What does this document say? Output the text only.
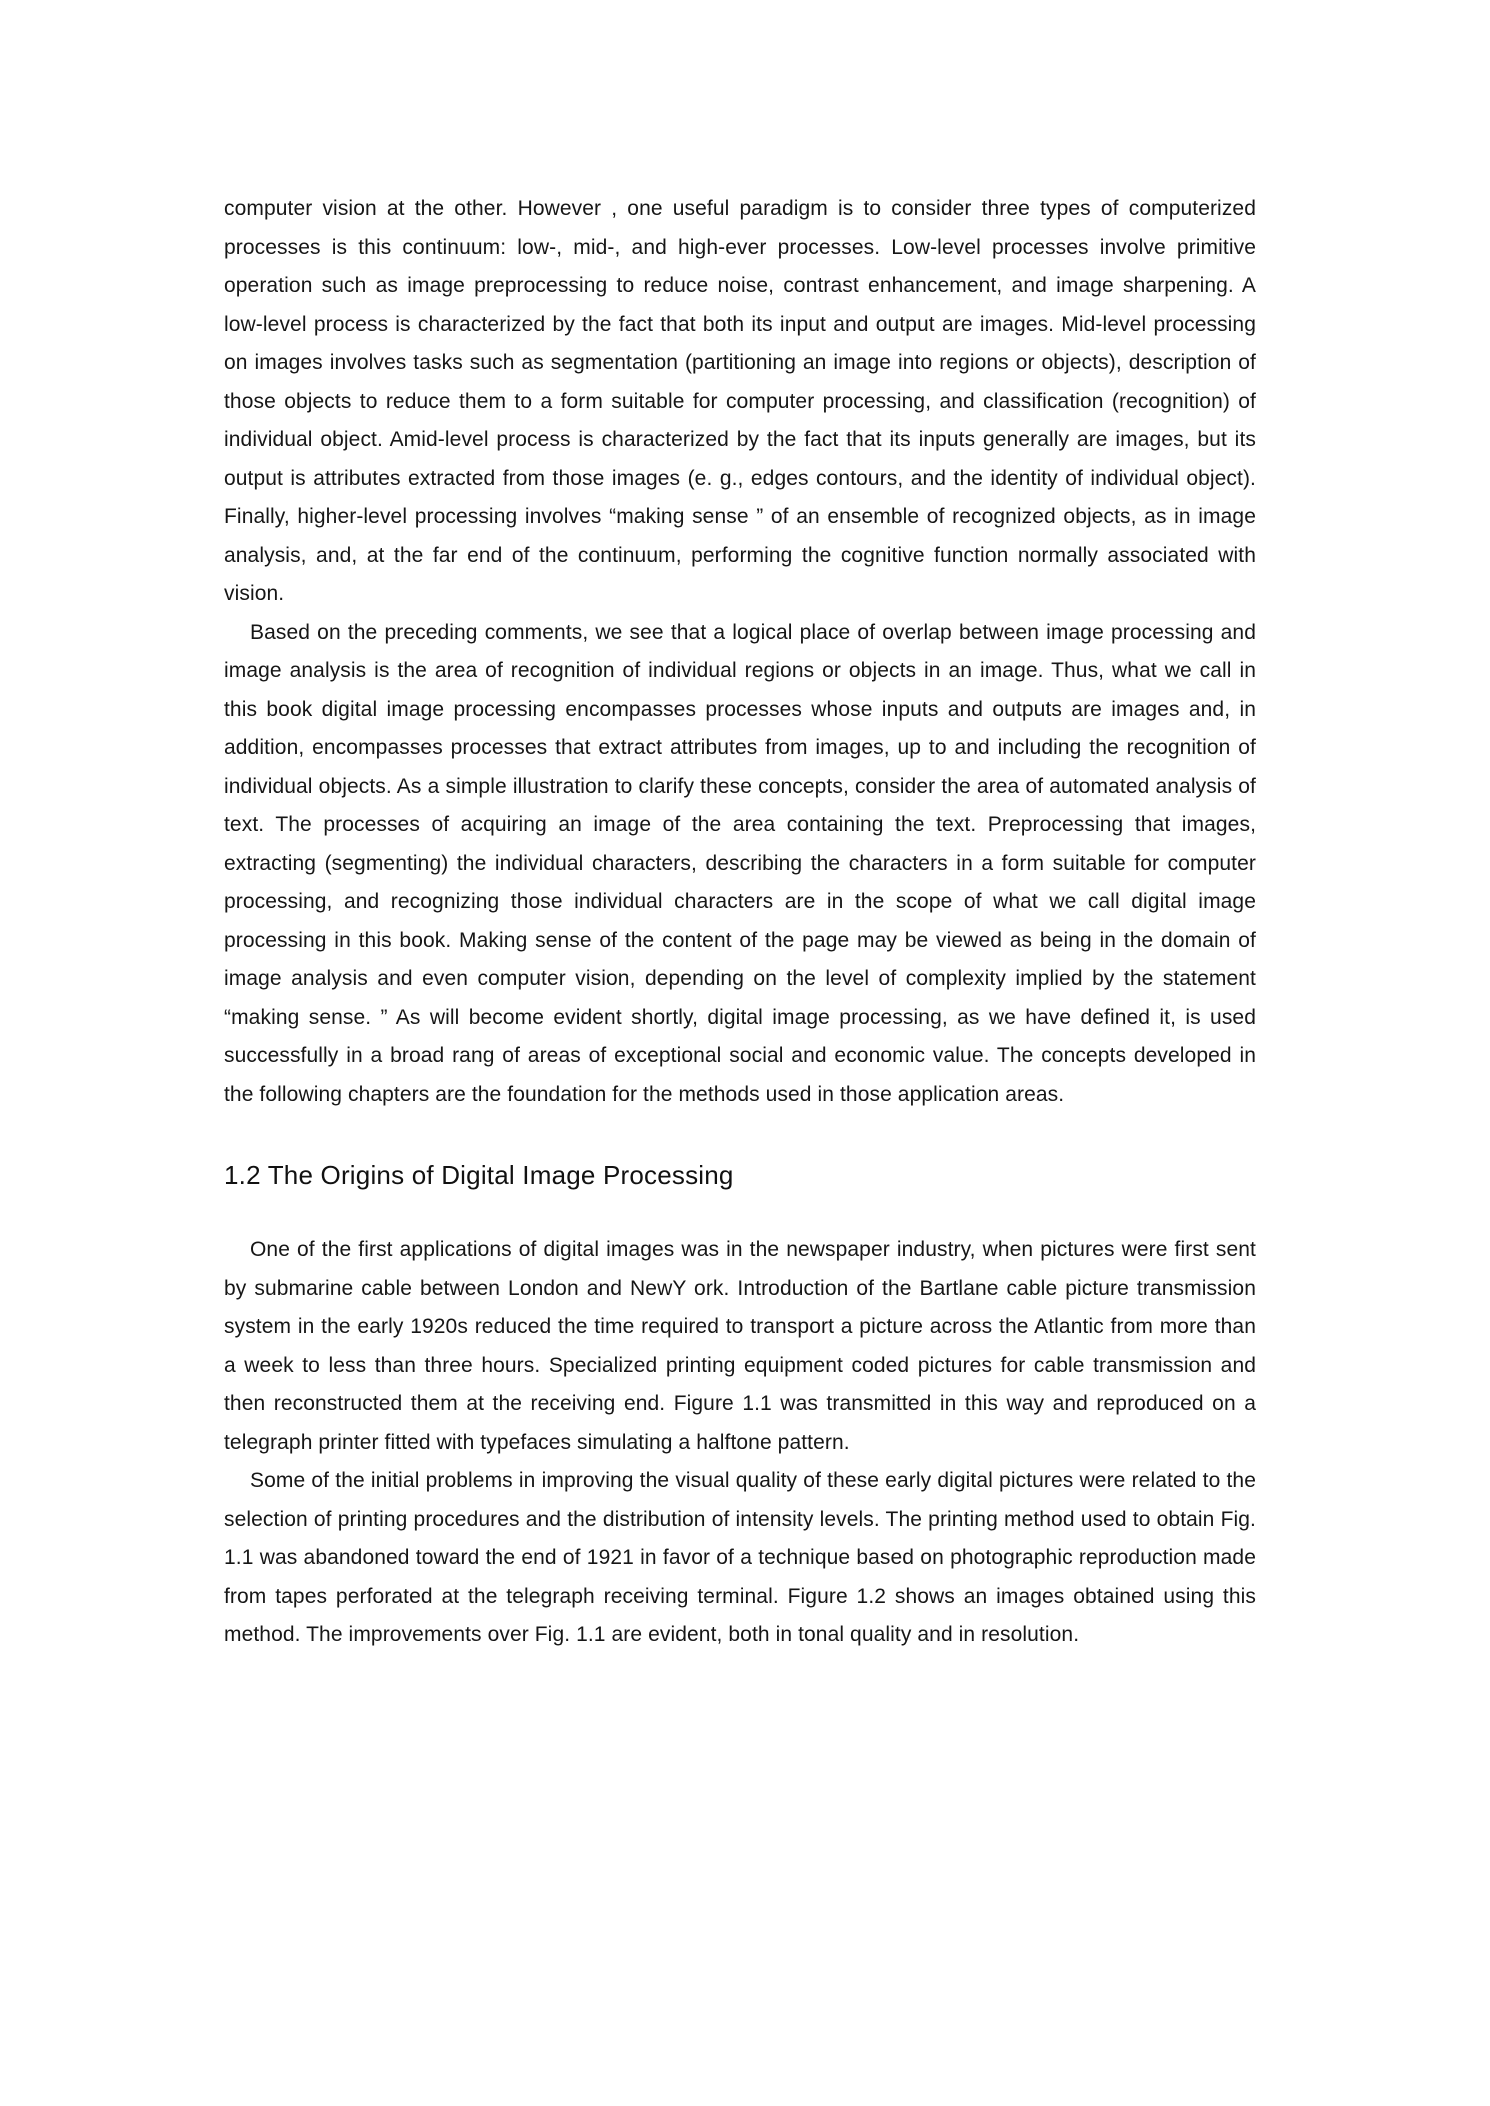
computer vision at the other. However , one useful paradigm is to consider three types of computerized processes is this continuum: low-, mid-, and high-ever processes. Low-level processes involve primitive operation such as image preprocessing to reduce noise, contrast enhancement, and image sharpening. A low-level process is characterized by the fact that both its input and output are images. Mid-level processing on images involves tasks such as segmentation (partitioning an image into regions or objects), description of those objects to reduce them to a form suitable for computer processing, and classification (recognition) of individual object. Amid-level process is characterized by the fact that its inputs generally are images, but its output is attributes extracted from those images (e. g., edges contours, and the identity of individual object). Finally, higher-level processing involves “making sense ” of an ensemble of recognized objects, as in image analysis, and, at the far end of the continuum, performing the cognitive function normally associated with vision.

Based on the preceding comments, we see that a logical place of overlap between image processing and image analysis is the area of recognition of individual regions or objects in an image. Thus, what we call in this book digital image processing encompasses processes whose inputs and outputs are images and, in addition, encompasses processes that extract attributes from images, up to and including the recognition of individual objects. As a simple illustration to clarify these concepts, consider the area of automated analysis of text. The processes of acquiring an image of the area containing the text. Preprocessing that images, extracting (segmenting) the individual characters, describing the characters in a form suitable for computer processing, and recognizing those individual characters are in the scope of what we call digital image processing in this book. Making sense of the content of the page may be viewed as being in the domain of image analysis and even computer vision, depending on the level of complexity implied by the statement “making sense. ” As will become evident shortly, digital image processing, as we have defined it, is used successfully in a broad rang of areas of exceptional social and economic value. The concepts developed in the following chapters are the foundation for the methods used in those application areas.

1.2 The Origins of Digital Image Processing

One of the first applications of digital images was in the newspaper industry, when pictures were first sent by submarine cable between London and NewY ork. Introduction of the Bartlane cable picture transmission system in the early 1920s reduced the time required to transport a picture across the Atlantic from more than a week to less than three hours. Specialized printing equipment coded pictures for cable transmission and then reconstructed them at the receiving end. Figure 1.1 was transmitted in this way and reproduced on a telegraph printer fitted with typefaces simulating a halftone pattern.

Some of the initial problems in improving the visual quality of these early digital pictures were related to the selection of printing procedures and the distribution of intensity levels. The printing method used to obtain Fig. 1.1 was abandoned toward the end of 1921 in favor of a technique based on photographic reproduction made from tapes perforated at the telegraph receiving terminal. Figure 1.2 shows an images obtained using this method. The improvements over Fig. 1.1 are evident, both in tonal quality and in resolution.
